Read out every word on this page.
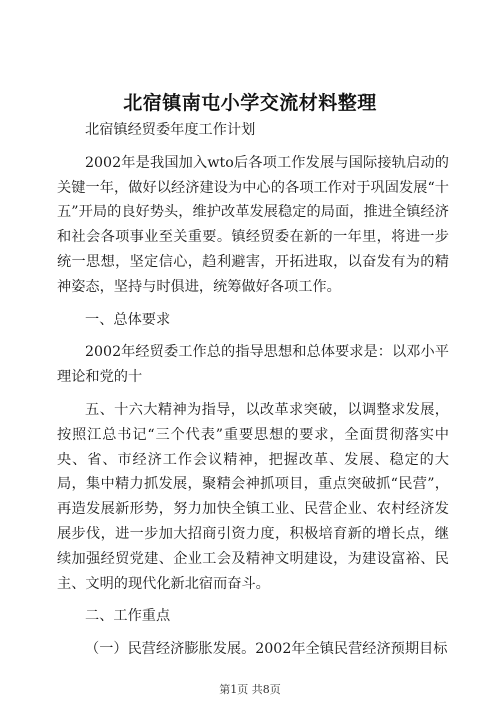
北宿镇南屯小学交流材料整理

北宿镇经贸委年度工作计划

2002年是我国加入wto后各项工作发展与国际接轨启动的关键一年，做好以经济建设为中心的各项工作对于巩固发展“十五”开局的良好势头，维护改革发展稳定的局面，推进全镇经济和社会各项事业至关重要。镇经贸委在新的一年里，将进一步统一思想，坚定信心，趋利避害，开拓进取，以奋发有为的精神姿态，坚持与时俱进，统筹做好各项工作。

一、总体要求

2002年经贸委工作总的指导思想和总体要求是：以邓小平理论和党的十

五、十六大精神为指导，以改革求突破，以调整求发展，按照江总书记“三个代表”重要思想的要求，全面贯彻落实中央、省、市经济工作会议精神，把握改革、发展、稳定的大局，集中精力抓发展，聚精会神抓项目，重点突破抓“民营”，再造发展新形势，努力加快全镇工业、民营企业、农村经济发展步伐，进一步加大招商引资力度，积极培育新的增长点，继续加强经贸党建、企业工会及精神文明建设，为建设富裕、民主、文明的现代化新北宿而奋斗。

二、工作重点

（一）民营经济膨胀发展。2002年全镇民营经济预期目标

第1页 共8页
